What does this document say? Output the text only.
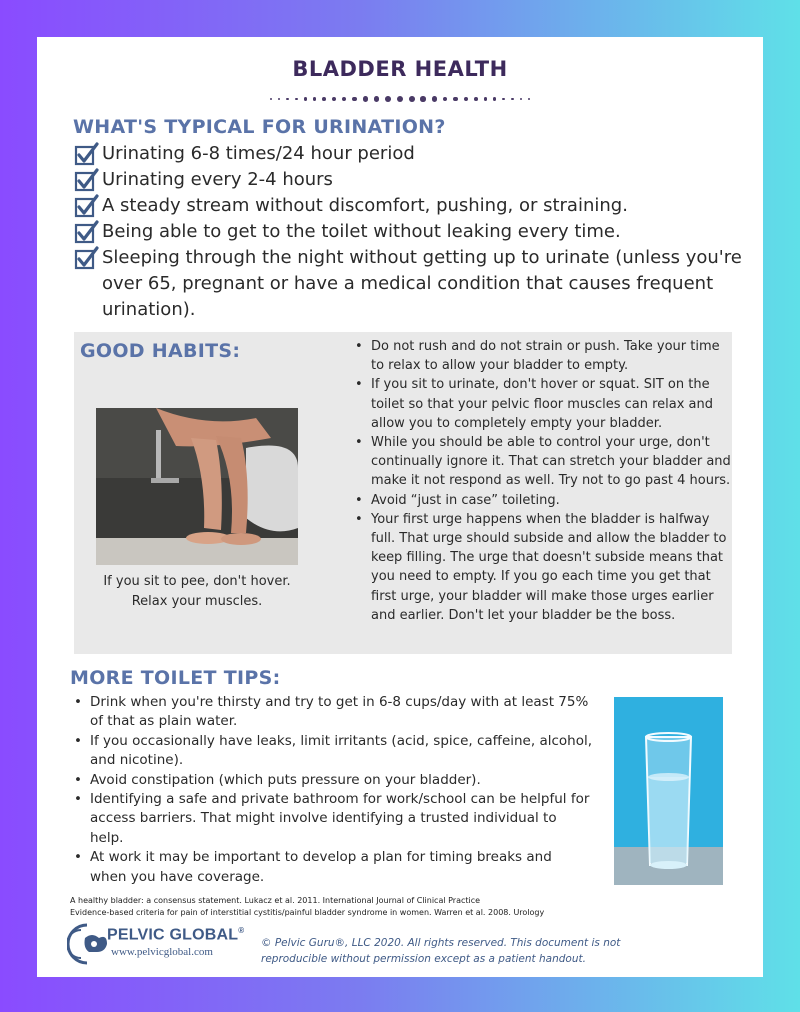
BLADDER HEALTH
WHAT'S TYPICAL FOR URINATION?
Urinating 6-8 times/24 hour period
Urinating every 2-4 hours
A steady stream without discomfort, pushing, or straining.
Being able to get to the toilet without leaking every time.
Sleeping through the night without getting up to urinate (unless you're over 65, pregnant or have a medical condition that causes frequent urination).
GOOD HABITS:
If you sit to pee, don't hover.
Relax your muscles.
• Do not rush and do not strain or push. Take your time to relax to allow your bladder to empty.
• If you sit to urinate, don't hover or squat. SIT on the toilet so that your pelvic floor muscles can relax and allow you to completely empty your bladder.
• While you should be able to control your urge, don't continually ignore it. That can stretch your bladder and make it not respond as well. Try not to go past 4 hours.
• Avoid “just in case” toileting.
• Your first urge happens when the bladder is halfway full. That urge should subside and allow the bladder to keep filling. The urge that doesn't subside means that you need to empty. If you go each time you get that first urge, your bladder will make those urges earlier and earlier. Don't let your bladder be the boss.
MORE TOILET TIPS:
• Drink when you're thirsty and try to get in 6-8 cups/day with at least 75% of that as plain water.
• If you occasionally have leaks, limit irritants (acid, spice, caffeine, alcohol, and nicotine).
• Avoid constipation (which puts pressure on your bladder).
• Identifying a safe and private bathroom for work/school can be helpful for access barriers. That might involve identifying a trusted individual to help.
• At work it may be important to develop a plan for timing breaks and when you have coverage.
A healthy bladder: a consensus statement. Lukacz et al. 2011. International Journal of Clinical Practice
Evidence-based criteria for pain of interstitial cystitis/painful bladder syndrome in women. Warren et al. 2008. Urology
PELVIC GLOBAL®
www.pelvicglobal.com
© Pelvic Guru®, LLC 2020. All rights reserved. This document is not
reproducible without permission except as a patient handout.
